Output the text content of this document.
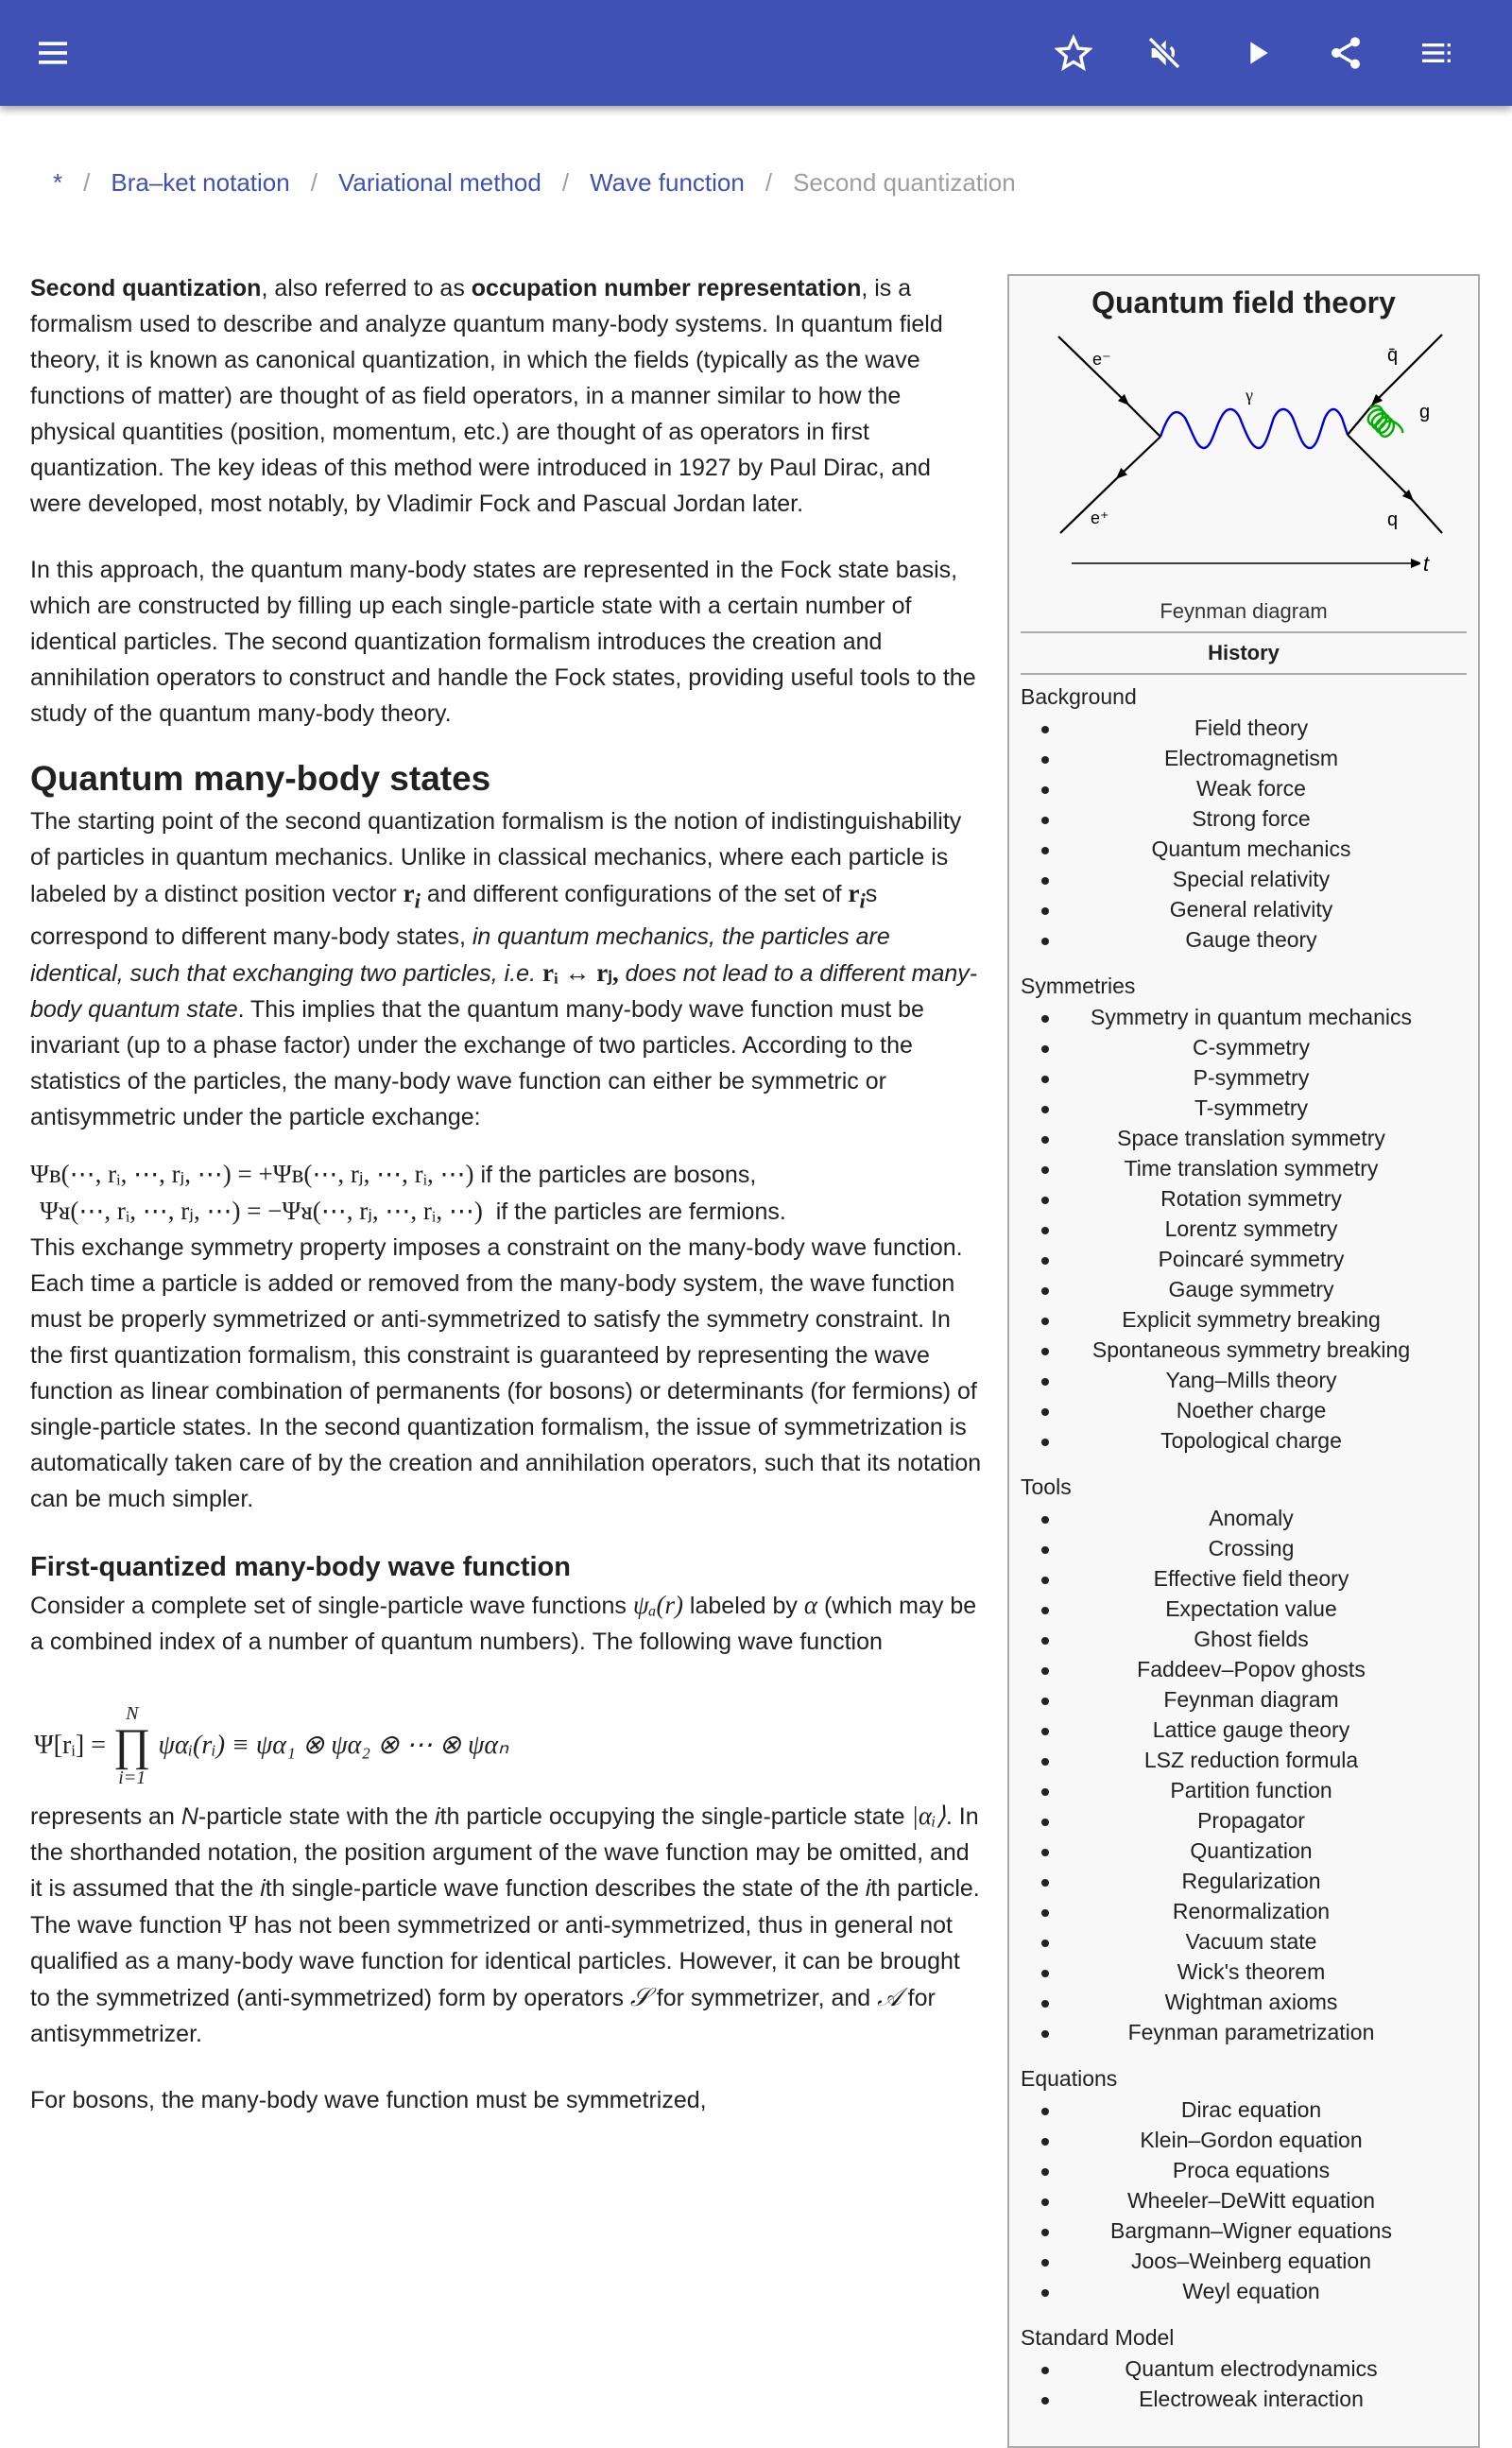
* / Bra–ket notation / Variational method / Wave function / Second quantization

Second quantization, also referred to as occupation number representation, is a formalism used to describe and analyze quantum many-body systems. In quantum field theory, it is known as canonical quantization, in which the fields (typically as the wave functions of matter) are thought of as field operators, in a manner similar to how the physical quantities (position, momentum, etc.) are thought of as operators in first quantization. The key ideas of this method were introduced in 1927 by Paul Dirac, and were developed, most notably, by Vladimir Fock and Pascual Jordan later.

In this approach, the quantum many-body states are represented in the Fock state basis, which are constructed by filling up each single-particle state with a certain number of identical particles. The second quantization formalism introduces the creation and annihilation operators to construct and handle the Fock states, providing useful tools to the study of the quantum many-body theory.

Quantum many-body states

The starting point of the second quantization formalism is the notion of indistinguishability of particles in quantum mechanics. Unlike in classical mechanics, where each particle is labeled by a distinct position vector $r_i$ and different configurations of the set of $r_is$ correspond to different many-body states, in quantum mechanics, the particles are identical, such that exchanging two particles, i.e. rᵢ ↔ rⱼ, does not lead to a different many-body quantum state. This implies that the quantum many-body wave function must be invariant (up to a phase factor) under the exchange of two particles. According to the statistics of the particles, the many-body wave function can either be symmetric or antisymmetric under the particle exchange:

Ψʙ(⋯, rᵢ, ⋯, rⱼ, ⋯) = +Ψʙ(⋯, rⱼ, ⋯, rᵢ, ⋯) if the particles are bosons,
Ψᴚ(⋯, rᵢ, ⋯, rⱼ, ⋯) = −Ψᴚ(⋯, rⱼ, ⋯, rᵢ, ⋯)  if the particles are fermions.

This exchange symmetry property imposes a constraint on the many-body wave function. Each time a particle is added or removed from the many-body system, the wave function must be properly symmetrized or anti-symmetrized to satisfy the symmetry constraint. In the first quantization formalism, this constraint is guaranteed by representing the wave function as linear combination of permanents (for bosons) or determinants (for fermions) of single-particle states. In the second quantization formalism, the issue of symmetrization is automatically taken care of by the creation and annihilation operators, such that its notation can be much simpler.

First-quantized many-body wave function

Consider a complete set of single-particle wave functions ψₐ(r) labeled by α (which may be a combined index of a number of quantum numbers). The following wave function

Ψ[rᵢ] =
N
∏
i=1
ψαᵢ(rᵢ) ≡ ψα₁ ⊗ ψα₂ ⊗ ⋯ ⊗ ψαₙ

represents an N-particle state with the ith particle occupying the single-particle state |αᵢ⟩. In the shorthanded notation, the position argument of the wave function may be omitted, and it is assumed that the ith single-particle wave function describes the state of the ith particle. The wave function Ψ has not been symmetrized or anti-symmetrized, thus in general not qualified as a many-body wave function for identical particles. However, it can be brought to the symmetrized (anti-symmetrized) form by operators 𝒮 for symmetrizer, and 𝒜 for antisymmetrizer.

For bosons, the many-body wave function must be symmetrized,

Quantum field theory
e⁻
e⁺
γ
q̄
g
q
t
Feynman diagram
History
Background
Field theory
Electromagnetism
Weak force
Strong force
Quantum mechanics
Special relativity
General relativity
Gauge theory
Symmetries
Symmetry in quantum mechanics
C-symmetry
P-symmetry
T-symmetry
Space translation symmetry
Time translation symmetry
Rotation symmetry
Lorentz symmetry
Poincaré symmetry
Gauge symmetry
Explicit symmetry breaking
Spontaneous symmetry breaking
Yang–Mills theory
Noether charge
Topological charge
Tools
Anomaly
Crossing
Effective field theory
Expectation value
Ghost fields
Faddeev–Popov ghosts
Feynman diagram
Lattice gauge theory
LSZ reduction formula
Partition function
Propagator
Quantization
Regularization
Renormalization
Vacuum state
Wick's theorem
Wightman axioms
Feynman parametrization
Equations
Dirac equation
Klein–Gordon equation
Proca equations
Wheeler–DeWitt equation
Bargmann–Wigner equations
Joos–Weinberg equation
Weyl equation
Standard Model
Quantum electrodynamics
Electroweak interaction
